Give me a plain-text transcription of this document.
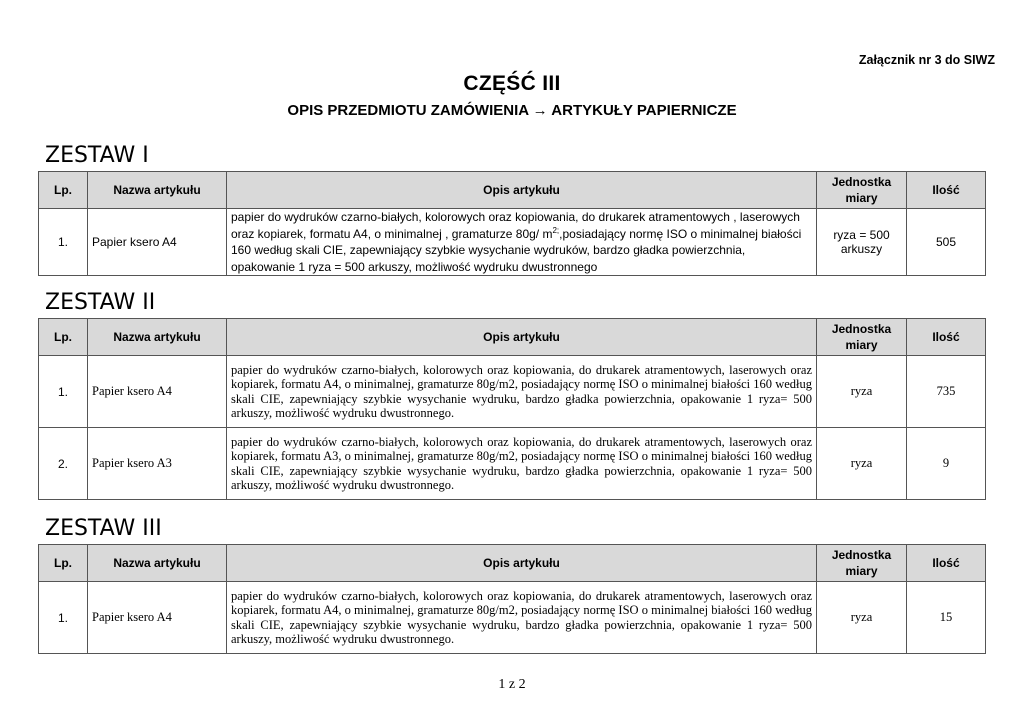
Załącznik nr 3 do SIWZ
CZĘŚĆ III
OPIS PRZEDMIOTU ZAMÓWIENIA → ARTYKUŁY PAPIERNICZE
ZESTAW I
Lp.	Nazwa artykułu	Opis artykułu	Jednostka miary	Ilość
1.	Papier ksero A4	papier do wydruków czarno-białych, kolorowych oraz kopiowania, do drukarek atramentowych , laserowych oraz kopiarek, formatu A4, o minimalnej , gramaturze 80g/ $m^{2;},posiadający$ normę ISO o minimalnej białości 160 według skali CIE, zapewniający szybkie wysychanie wydruków, bardzo gładka powierzchnia, opakowanie 1 ryza = 500 arkuszy, możliwość wydruku dwustronnego	ryza = 500 arkuszy	505
ZESTAW II
Lp.	Nazwa artykułu	Opis artykułu	Jednostka miary	Ilość
1.	Papier ksero A4	papier do wydruków czarno-białych, kolorowych oraz kopiowania, do drukarek atramentowych, laserowych oraz kopiarek, formatu A4, o minimalnej, gramaturze 80g/m2, posiadający normę ISO o minimalnej białości 160 według skali CIE, zapewniający szybkie wysychanie wydruku, bardzo gładka powierzchnia, opakowanie 1 ryza= 500 arkuszy, możliwość wydruku dwustronnego.	ryza	735
2.	Papier ksero A3	papier do wydruków czarno-białych, kolorowych oraz kopiowania, do drukarek atramentowych, laserowych oraz kopiarek, formatu A3, o minimalnej, gramaturze 80g/m2, posiadający normę ISO o minimalnej białości 160 według skali CIE, zapewniający szybkie wysychanie wydruku, bardzo gładka powierzchnia, opakowanie 1 ryza= 500 arkuszy, możliwość wydruku dwustronnego.	ryza	9
ZESTAW III
Lp.	Nazwa artykułu	Opis artykułu	Jednostka miary	Ilość
1.	Papier ksero A4	papier do wydruków czarno-białych, kolorowych oraz kopiowania, do drukarek atramentowych, laserowych oraz kopiarek, formatu A4, o minimalnej, gramaturze 80g/m2, posiadający normę ISO o minimalnej białości 160 według skali CIE, zapewniający szybkie wysychanie wydruku, bardzo gładka powierzchnia, opakowanie 1 ryza= 500 arkuszy, możliwość wydruku dwustronnego.	ryza	15
1 z 2
